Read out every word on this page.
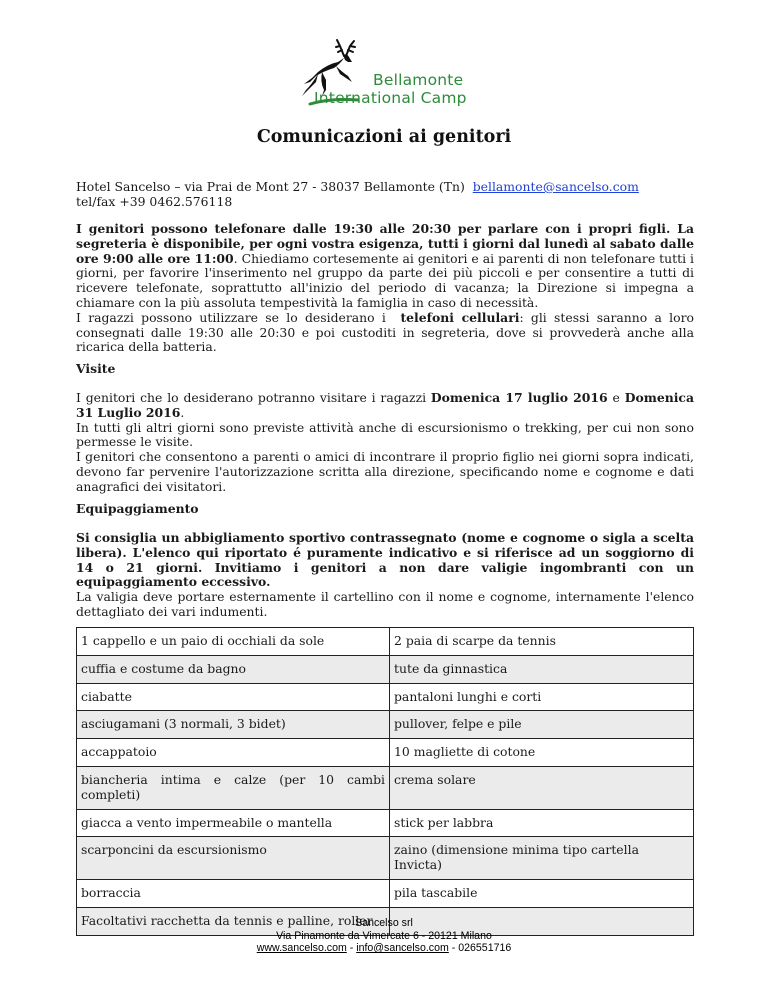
Bellamonte
International Camp
Comunicazioni ai genitori
Hotel Sancelso – via Prai de Mont 27 - 38037 Bellamonte (Tn) bellamonte@sancelso.com
tel/fax +39 0462.576118
I genitori possono telefonare dalle 19:30 alle 20:30 per parlare con i propri figli. La segreteria è disponibile, per ogni vostra esigenza, tutti i giorni dal lunedì al sabato dalle ore 9:00 alle ore 11:00. Chiediamo cortesemente ai genitori e ai parenti di non telefonare tutti i giorni, per favorire l'inserimento nel gruppo da parte dei più piccoli e per consentire a tutti di ricevere telefonate, soprattutto all'inizio del periodo di vacanza; la Direzione si impegna a chiamare con la più assoluta tempestività la famiglia in caso di necessità.
I ragazzi possono utilizzare se lo desiderano i  telefoni cellulari: gli stessi saranno a loro consegnati dalle 19:30 alle 20:30 e poi custoditi in segreteria, dove si provvederà anche alla ricarica della batteria.
Visite
I genitori che lo desiderano potranno visitare i ragazzi Domenica 17 luglio 2016 e Domenica 31 Luglio 2016.
In tutti gli altri giorni sono previste attività anche di escursionismo o trekking, per cui non sono permesse le visite.
I genitori che consentono a parenti o amici di incontrare il proprio figlio nei giorni sopra indicati, devono far pervenire l'autorizzazione scritta alla direzione, specificando nome e cognome e dati anagrafici dei visitatori.
Equipaggiamento
Si consiglia un abbigliamento sportivo contrassegnato (nome e cognome o sigla a scelta libera). L'elenco qui riportato é puramente indicativo e si riferisce ad un soggiorno di 14 o 21 giorni. Invitiamo i genitori a non dare valigie ingombranti con un equipaggiamento eccessivo.
La valigia deve portare esternamente il cartellino con il nome e cognome, internamente l'elenco dettagliato dei vari indumenti.
1 cappello e un paio di occhiali da sole	2 paia di scarpe da tennis
cuffia e costume da bagno	tute da ginnastica
ciabatte	pantaloni lunghi e corti
asciugamani (3 normali, 3 bidet)	pullover, felpe e pile
accappatoio	10 magliette di cotone
biancheria intima e calze (per 10 cambi completi)	crema solare
giacca a vento impermeabile o mantella	stick per labbra
scarponcini da escursionismo	zaino (dimensione minima tipo cartella Invicta)
borraccia	pila tascabile
Facoltativi racchetta da tennis e palline, roller	
Sancelso srl
Via Pinamonte da Vimercate 6 - 20121 Milano
www.sancelso.com - info@sancelso.com - 026551716
